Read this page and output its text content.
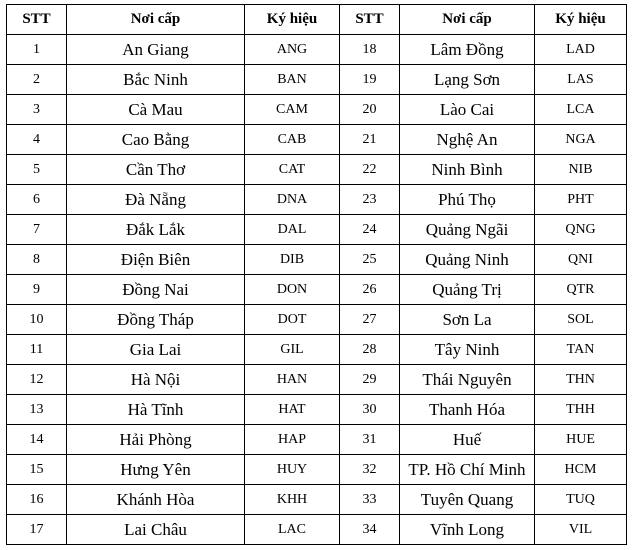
STT	Nơi cấp	Ký hiệu	STT	Nơi cấp	Ký hiệu
1	An Giang	ANG	18	Lâm Đồng	LAD
2	Bắc Ninh	BAN	19	Lạng Sơn	LAS
3	Cà Mau	CAM	20	Lào Cai	LCA
4	Cao Bằng	CAB	21	Nghệ An	NGA
5	Cần Thơ	CAT	22	Ninh Bình	NIB
6	Đà Nẵng	DNA	23	Phú Thọ	PHT
7	Đắk Lắk	DAL	24	Quảng Ngãi	QNG
8	Điện Biên	DIB	25	Quảng Ninh	QNI
9	Đồng Nai	DON	26	Quảng Trị	QTR
10	Đồng Tháp	DOT	27	Sơn La	SOL
11	Gia Lai	GIL	28	Tây Ninh	TAN
12	Hà Nội	HAN	29	Thái Nguyên	THN
13	Hà Tĩnh	HAT	30	Thanh Hóa	THH
14	Hải Phòng	HAP	31	Huế	HUE
15	Hưng Yên	HUY	32	TP. Hồ Chí Minh	HCM
16	Khánh Hòa	KHH	33	Tuyên Quang	TUQ
17	Lai Châu	LAC	34	Vĩnh Long	VIL
